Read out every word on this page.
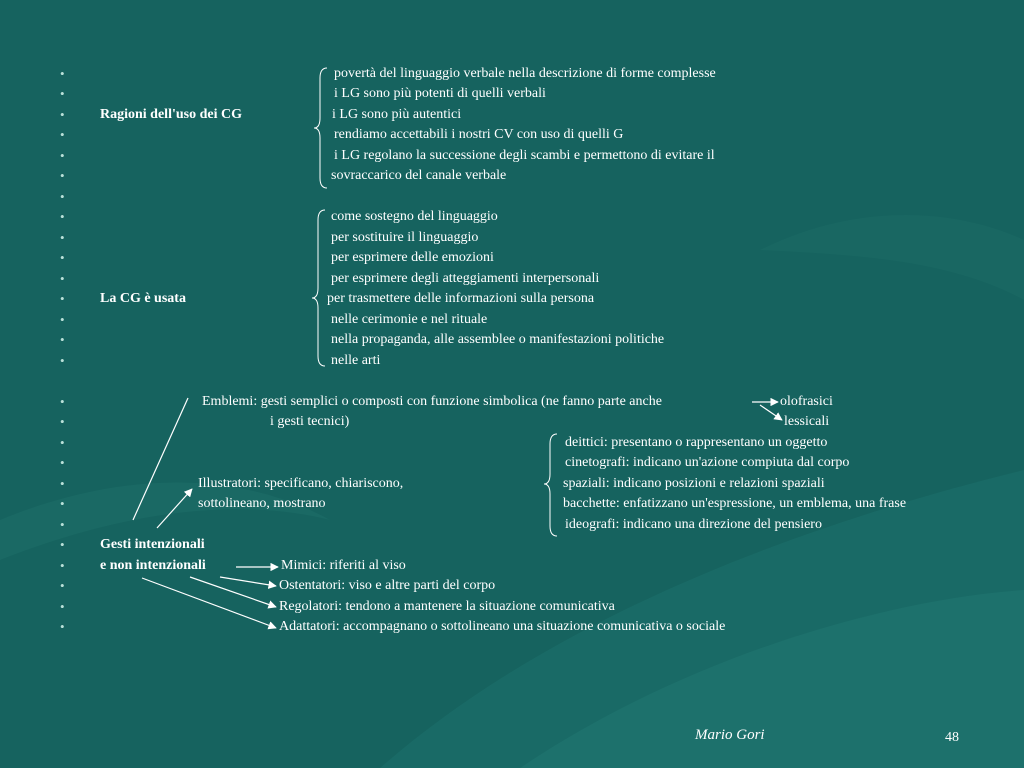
•	povertà del linguaggio verbale nella descrizione di forme complesse
•	i LG sono più potenti di quelli verbali
•	Ragioni dell'uso dei CG	i LG sono più autentici
•	rendiamo accettabili i nostri CV con uso di quelli G
•	i LG regolano la successione degli scambi e permettono di evitare il
•	sovraccarico del canale verbale
•
•	come sostegno del linguaggio
•	per sostituire il linguaggio
•	per esprimere delle emozioni
•	per esprimere degli atteggiamenti interpersonali
•	La CG è usata	per trasmettere delle informazioni sulla persona
•	nelle cerimonie e nel rituale
•	nella propaganda, alle assemblee o manifestazioni politiche
•	nelle arti
•	Emblemi: gesti semplici o composti con funzione simbolica (ne fanno parte anche	olofrasici
•	i gesti tecnici)	lessicali
•	deittici: presentano o rappresentano un oggetto
•	cinetografi: indicano un'azione compiuta dal corpo
•	Illustratori: specificano, chiariscono,	spaziali: indicano posizioni e relazioni spaziali
•	sottolineano, mostrano	bacchette: enfatizzano un'espressione, un emblema, una frase
•	ideografi: indicano una direzione del pensiero
•	Gesti intenzionali
•	e non intenzionali	Mimici: riferiti al viso
•	Ostentatori: viso e altre parti del corpo
•	Regolatori: tendono a mantenere la situazione comunicativa
•	Adattatori: accompagnano o sottolineano una situazione comunicativa o sociale
Mario Gori	48
